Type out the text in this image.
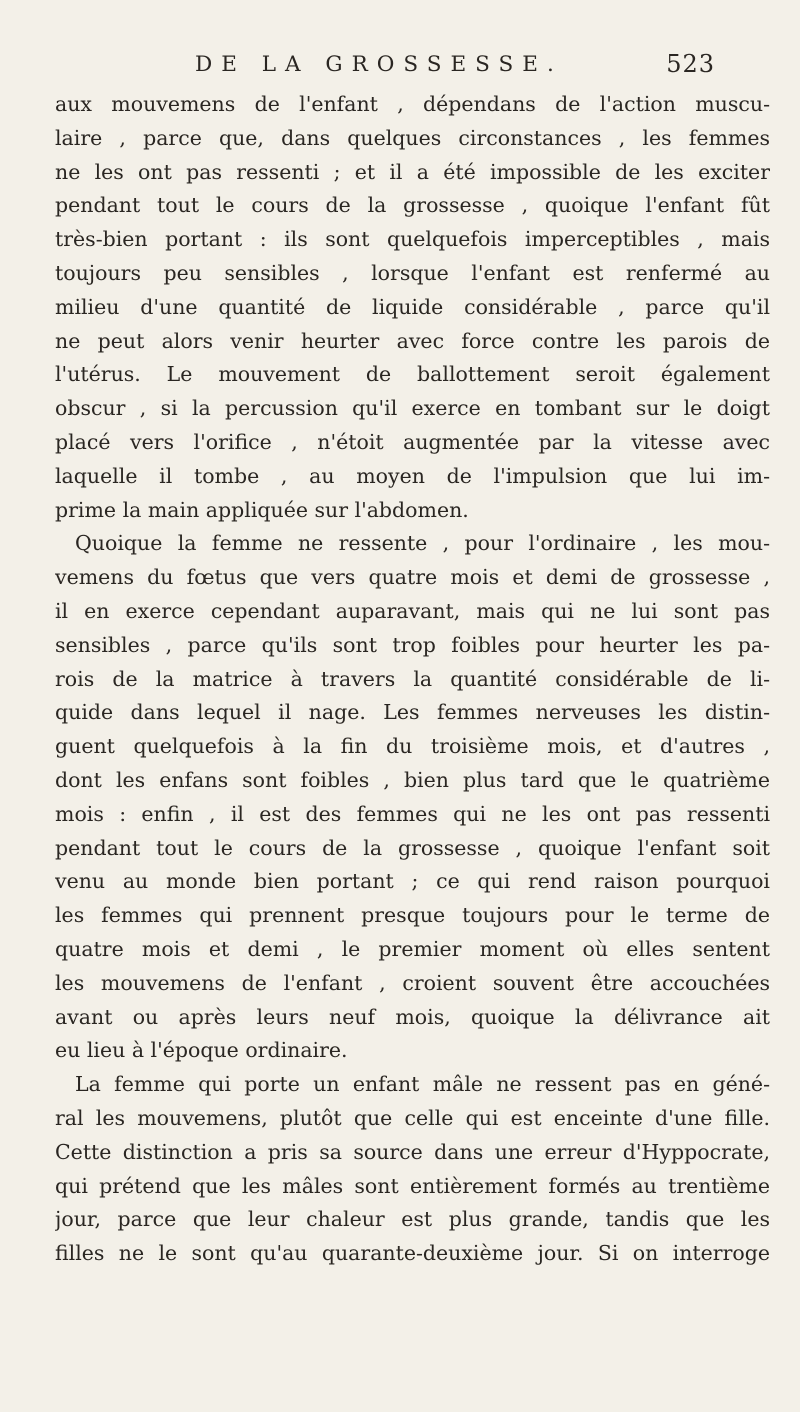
DE LA GROSSESSE.	523
aux mouvemens de l'enfant , dépendans de l'action muscu-
laire , parce que, dans quelques circonstances , les femmes
ne les ont pas ressenti ; et il a été impossible de les exciter
pendant tout le cours de la grossesse , quoique l'enfant fût
très-bien portant : ils sont quelquefois imperceptibles , mais
toujours peu sensibles , lorsque l'enfant est renfermé au
milieu d'une quantité de liquide considérable , parce qu'il
ne peut alors venir heurter avec force contre les parois de
l'utérus. Le mouvement de ballottement seroit également
obscur , si la percussion qu'il exerce en tombant sur le doigt
placé vers l'orifice , n'étoit augmentée par la vitesse avec
laquelle il tombe , au moyen de l'impulsion que lui im-
prime la main appliquée sur l'abdomen.
Quoique la femme ne ressente , pour l'ordinaire , les mou-
vemens du fœtus que vers quatre mois et demi de grossesse ,
il en exerce cependant auparavant, mais qui ne lui sont pas
sensibles , parce qu'ils sont trop foibles pour heurter les pa-
rois de la matrice à travers la quantité considérable de li-
quide dans lequel il nage. Les femmes nerveuses les distin-
guent quelquefois à la fin du troisième mois, et d'autres ,
dont les enfans sont foibles , bien plus tard que le quatrième
mois : enfin , il est des femmes qui ne les ont pas ressenti
pendant tout le cours de la grossesse , quoique l'enfant soit
venu au monde bien portant ; ce qui rend raison pourquoi
les femmes qui prennent presque toujours pour le terme de
quatre mois et demi , le premier moment où elles sentent
les mouvemens de l'enfant , croient souvent être accouchées
avant ou après leurs neuf mois, quoique la délivrance ait
eu lieu à l'époque ordinaire.
La femme qui porte un enfant mâle ne ressent pas en géné-
ral les mouvemens, plutôt que celle qui est enceinte d'une fille.
Cette distinction a pris sa source dans une erreur d'Hyppocrate,
qui prétend que les mâles sont entièrement formés au trentième
jour, parce que leur chaleur est plus grande, tandis que les
filles ne le sont qu'au quarante-deuxième jour. Si on interroge
